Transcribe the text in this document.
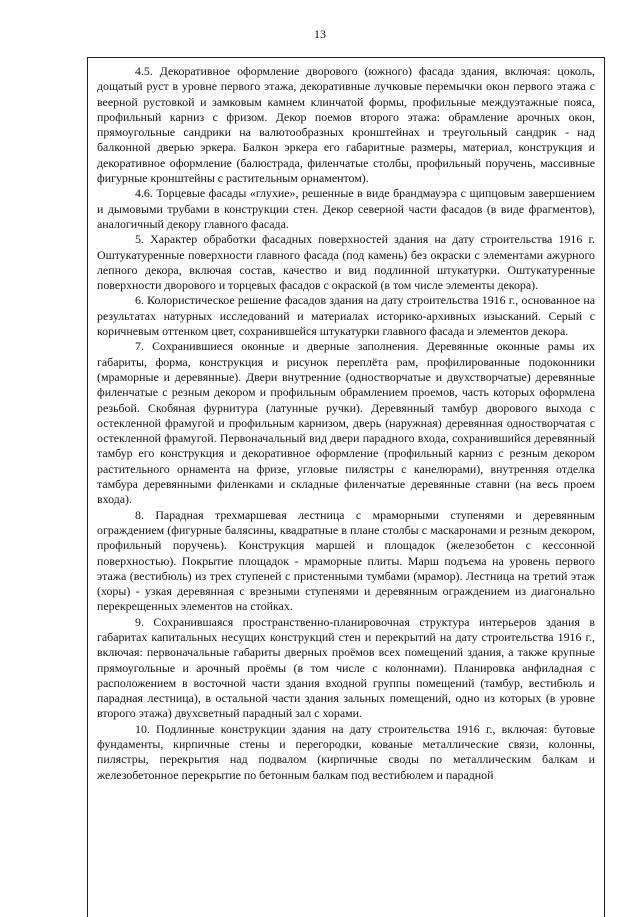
13

4.5. Декоративное оформление дворового (южного) фасада здания, включая: цоколь, дощатый руст в уровне первого этажа, декоративные лучковые перемычки окон первого этажа с веерной рустовкой и замковым камнем клинчатой формы, профильные междуэтажные пояса, профильный карниз с фризом. Декор поемов второго этажа: обрамление арочных окон, прямоугольные сандрики на валютообразных кронштейнах и треугольный сандрик - над балконной дверью эркера. Балкон эркера его габаритные размеры, материал, конструкция и декоративное оформление (балюстрада, филенчатые столбы, профильный поручень, массивные фигурные кронштейны с растительным орнаментом).

4.6. Торцевые фасады «глухие», решенные в виде брандмауэра с щипцовым завершением и дымовыми трубами в конструкции стен. Декор северной части фасадов (в виде фрагментов), аналогичный декору главного фасада.

5. Характер обработки фасадных поверхностей здания на дату строительства 1916 г. Оштукатуренные поверхности главного фасада (под камень) без окраски с элементами ажурного лепного декора, включая состав, качество и вид подлинной штукатурки. Оштукатуренные поверхности дворового и торцевых фасадов с окраской (в том числе элементы декора).

6. Колористическое решение фасадов здания на дату строительства 1916 г., основанное на результатах натурных исследований и материалах историко-архивных изысканий. Серый с коричневым оттенком цвет, сохранившейся штукатурки главного фасада и элементов декора.

7. Сохранившиеся оконные и дверные заполнения. Деревянные оконные рамы их габариты, форма, конструкция и рисунок переплёта рам, профилированные подоконники (мраморные и деревянные). Двери внутренние (одностворчатые и двухстворчатые) деревянные филенчатые с резным декором и профильным обрамлением проемов, часть которых оформлена резьбой. Скобяная фурнитура (латунные ручки). Деревянный тамбур дворового выхода с остекленной фрамугой и профильным карнизом, дверь (наружная) деревянная одностворчатая с остекленной фрамугой. Первоначальный вид двери парадного входа, сохранившийся деревянный тамбур его конструкция и декоративное оформление (профильный карниз с резным декором растительного орнамента на фризе, угловые пилястры с канелюрами), внутренняя отделка тамбура деревянными филенками и складные филенчатые деревянные ставни (на весь проем входа).

8. Парадная трехмаршевая лестница с мраморными ступенями и деревянным ограждением (фигурные балясины, квадратные в плане столбы с маскаронами и резным декором, профильный поручень). Конструкция маршей и площадок (железобетон с кессонной поверхностью). Покрытие площадок - мраморные плиты. Марш подъема на уровень первого этажа (вестибюль) из трех ступеней с пристенными тумбами (мрамор). Лестница на третий этаж (хоры) - узкая деревянная с врезными ступенями и деревянным ограждением из диагонально перекрещенных элементов на стойках.

9. Сохранившаяся пространственно-планировочная структура интерьеров здания в габаритах капитальных несущих конструкций стен и перекрытий на дату строительства 1916 г., включая: первоначальные габариты дверных проёмов всех помещений здания, а также крупные прямоугольные и арочный проёмы (в том числе с колоннами). Планировка анфиладная с расположением в восточной части здания входной группы помещений (тамбур, вестибюль и парадная лестница), в остальной части здания зальных помещений, одно из которых (в уровне второго этажа) двухсветный парадный зал с хорами.

10. Подлинные конструкции здания на дату строительства 1916 г., включая: бутовые фундаменты, кирпичные стены и перегородки, кованые металлические связи, колонны, пилястры, перекрытия над подвалом (кирпичные своды по металлическим балкам и железобетонное перекрытие по бетонным балкам под вестибюлем и парадной
